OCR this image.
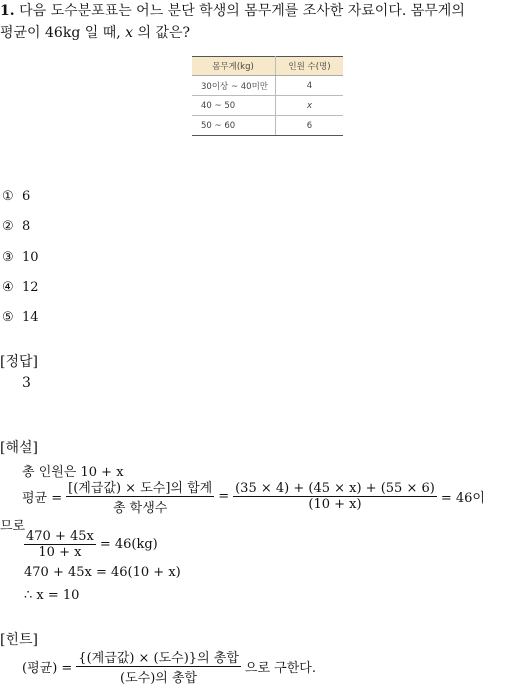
1. 다음 도수분포표는 어느 분단 학생의 몸무게를 조사한 자료이다. 몸무게의
평균이 46kg 일 때, x 의 값은?
몸무게(kg)	인원 수(명)
30이상 ~ 40미만	4
40 ~ 50	x
50 ~ 60	6
① 6
② 8
③ 10
④ 12
⑤ 14
[정답]
3
[해설]
총 인원은 10 + x
평균 = $\frac{\text{[(계급값) × 도수]의 합계}}{\text{총 학생수}} = \frac{(35 \times 4) + (45 \times x) + (55 \times 6)}{(10 + x)} = 46$이
므로
$\frac{470 + 45x}{10 + x} = 46(kg)$
470 + 45x = 46(10 + x)
∴ x = 10
[힌트]
(평균) = $\frac{\text{\{(계급값) × (도수)\}의 총합}}{\text{(도수)의 총합}}$ 으로 구한다.
